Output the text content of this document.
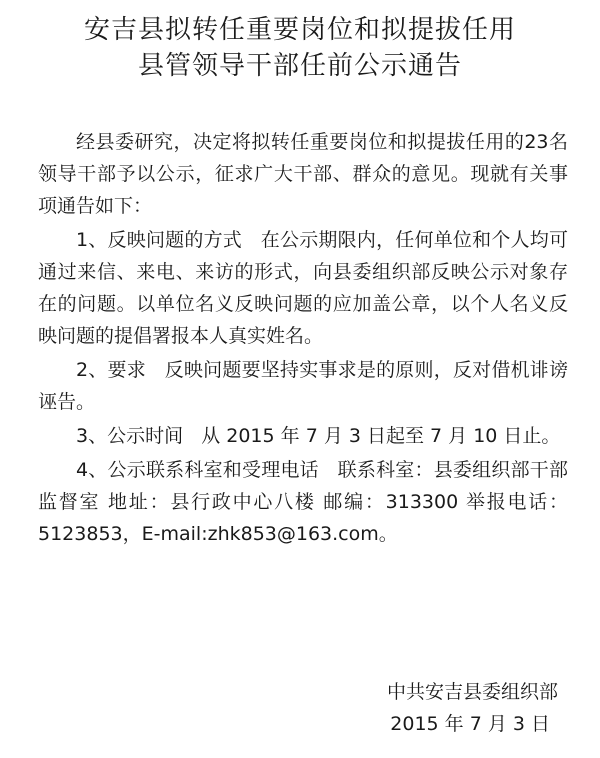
安吉县拟转任重要岗位和拟提拔任用
县管领导干部任前公示通告

经县委研究，决定将拟转任重要岗位和拟提拔任用的23名领导干部予以公示，征求广大干部、群众的意见。现就有关事项通告如下：

1、反映问题的方式 在公示期限内，任何单位和个人均可通过来信、来电、来访的形式，向县委组织部反映公示对象存在的问题。以单位名义反映问题的应加盖公章，以个人名义反映问题的提倡署报本人真实姓名。

2、要求 反映问题要坚持实事求是的原则，反对借机诽谤诬告。

3、公示时间 从 2015 年 7 月 3 日起至 7 月 10 日止。

4、公示联系科室和受理电话 联系科室：县委组织部干部监督室 地址：县行政中心八楼 邮编：313300 举报电话：5123853，E-mail:zhk853@163.com。

中共安吉县委组织部
2015 年 7 月 3 日
